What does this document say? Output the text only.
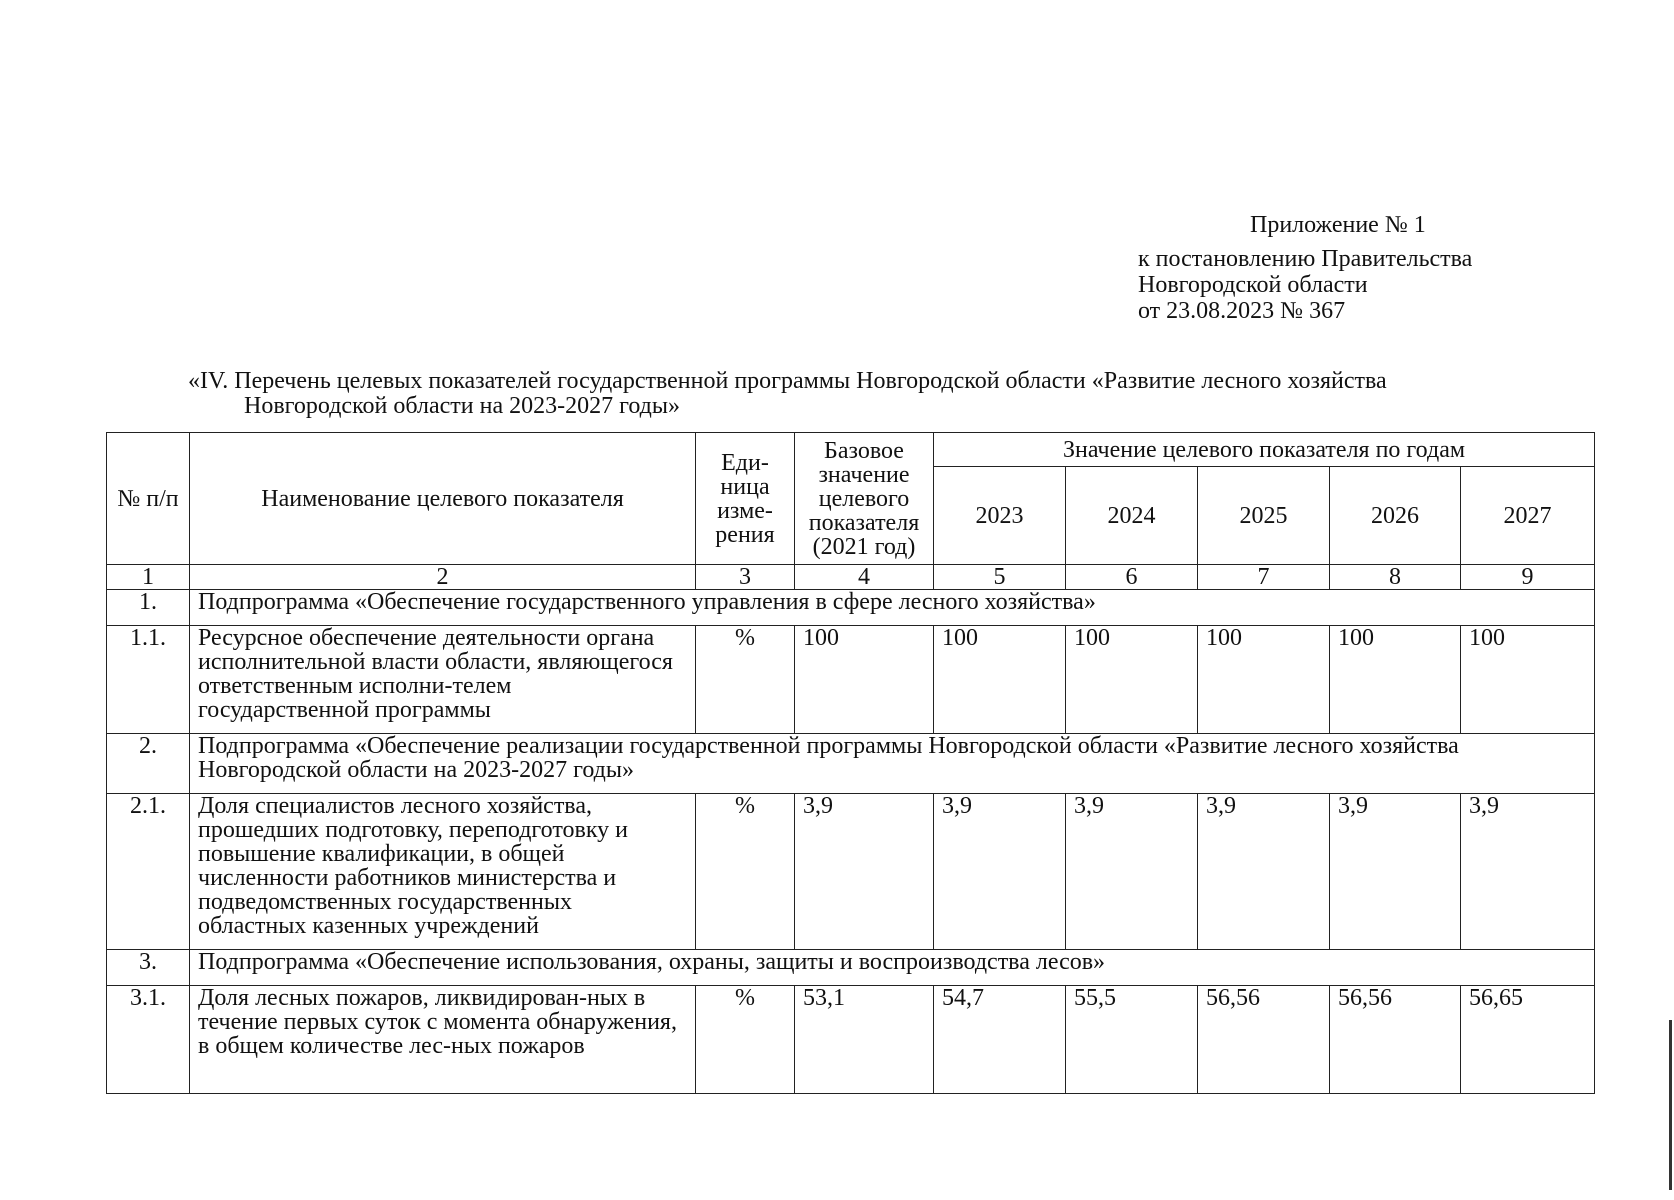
Приложение № 1
к постановлению Правительства
Новгородской области
от 23.08.2023 № 367
«IV. Перечень целевых показателей государственной программы Новгородской области «Развитие лесного хозяйства
Новгородской области на 2023-2027 годы»
№ п/п	Наименование целевого показателя	Еди-ница изме-рения	Базовое значение целевого показателя (2021 год)	Значение целевого показателя по годам				
				2023	2024	2025	2026	2027
1	2	3	4	5	6	7	8	9
1.	Подпрограмма «Обеспечение государственного управления в сфере лесного хозяйства»							
1.1.	Ресурсное обеспечение деятельности органа исполнительной власти области, являющегося ответственным исполни-телем государственной программы	%	100	100	100	100	100	100
2.	Подпрограмма «Обеспечение реализации государственной программы Новгородской области «Развитие лесного хозяйства Новгородской области на 2023-2027 годы»							
2.1.	Доля специалистов лесного хозяйства, прошедших подготовку, переподготовку и повышение квалификации, в общей численности работников министерства и подведомственных государственных областных казенных учреждений	%	3,9	3,9	3,9	3,9	3,9	3,9
3.	Подпрограмма «Обеспечение использования, охраны, защиты и воспроизводства лесов»							
3.1.	Доля лесных пожаров, ликвидирован-ных в течение первых суток с момента обнаружения, в общем количестве лес-ных пожаров	%	53,1	54,7	55,5	56,56	56,56	56,65
